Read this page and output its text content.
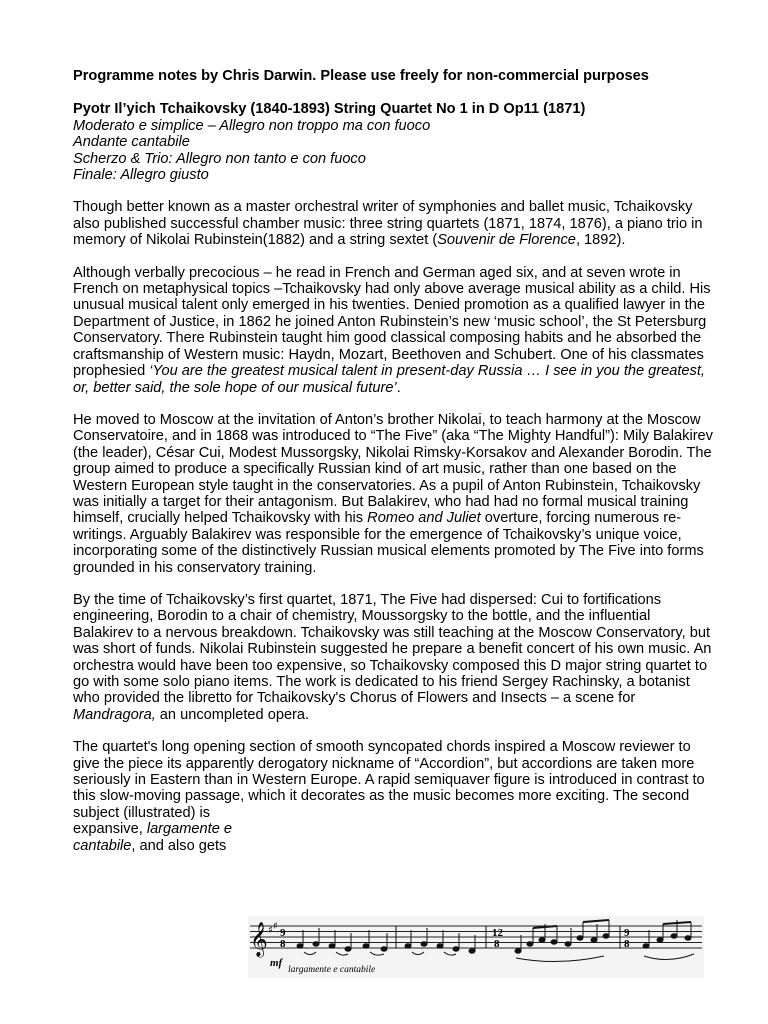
Programme notes by Chris Darwin. Please use freely for non-commercial purposes

Pyotr Il’yich Tchaikovsky (1840-1893) String Quartet No 1 in D Op11 (1871)

Moderato e simplice – Allegro non troppo ma con fuoco

Andante cantabile

Scherzo & Trio: Allegro non tanto e con fuoco

Finale: Allegro giusto

Though better known as a master orchestral writer of symphonies and ballet music, Tchaikovsky also published successful chamber music: three string quartets (1871, 1874, 1876), a piano trio in memory of Nikolai Rubinstein(1882) and a string sextet (Souvenir de Florence, 1892).

Although verbally precocious – he read in French and German aged six, and at seven wrote in French on metaphysical topics –Tchaikovsky had only above average musical ability as a child. His unusual musical talent only emerged in his twenties. Denied promotion as a qualified lawyer in the Department of Justice, in 1862 he joined Anton Rubinstein’s new ‘music school’, the St Petersburg Conservatory. There Rubinstein taught him good classical composing habits and he absorbed the craftsmanship of Western music: Haydn, Mozart, Beethoven and Schubert. One of his classmates prophesied ‘You are the greatest musical talent in present-day Russia … I see in you the greatest, or, better said, the sole hope of our musical future’.

He moved to Moscow at the invitation of Anton’s brother Nikolai, to teach harmony at the Moscow Conservatoire, and in 1868 was introduced to “The Five” (aka “The Mighty Handful”): Mily Balakirev (the leader), César Cui, Modest Mussorgsky, Nikolai Rimsky-Korsakov and Alexander Borodin. The group aimed to produce a specifically Russian kind of art music, rather than one based on the Western European style taught in the conservatories. As a pupil of Anton Rubinstein, Tchaikovsky was initially a target for their antagonism. But Balakirev, who had had no formal musical training himself, crucially helped Tchaikovsky with his Romeo and Juliet overture, forcing numerous re-writings. Arguably Balakirev was responsible for the emergence of Tchaikovsky’s unique voice, incorporating some of the distinctively Russian musical elements promoted by The Five into forms grounded in his conservatory training.

By the time of Tchaikovsky’s first quartet, 1871, The Five had dispersed: Cui to fortifications engineering, Borodin to a chair of chemistry, Moussorgsky to the bottle, and the influential Balakirev to a nervous breakdown. Tchaikovsky was still teaching at the Moscow Conservatory, but was short of funds. Nikolai Rubinstein suggested he prepare a benefit concert of his own music. An orchestra would have been too expensive, so Tchaikovsky composed this D major string quartet to go with some solo piano items. The work is dedicated to his friend Sergey Rachinsky, a botanist who provided the libretto for Tchaikovsky's Chorus of Flowers and Insects – a scene for Mandragora, an uncompleted opera.

The quartet's long opening section of smooth syncopated chords inspired a Moscow reviewer to give the piece its apparently derogatory nickname of “Accordion”, but accordions are taken more seriously in Eastern than in Western Europe. A rapid semiquaver figure is introduced in contrast to this slow-moving passage, which it decorates as the music becomes more exciting. The second subject (illustrated) is

expansive, largamente e cantabile, and also gets

𝄞 ♯ ♯
9
8
12
8
9
8
mf
largamente e cantabile
